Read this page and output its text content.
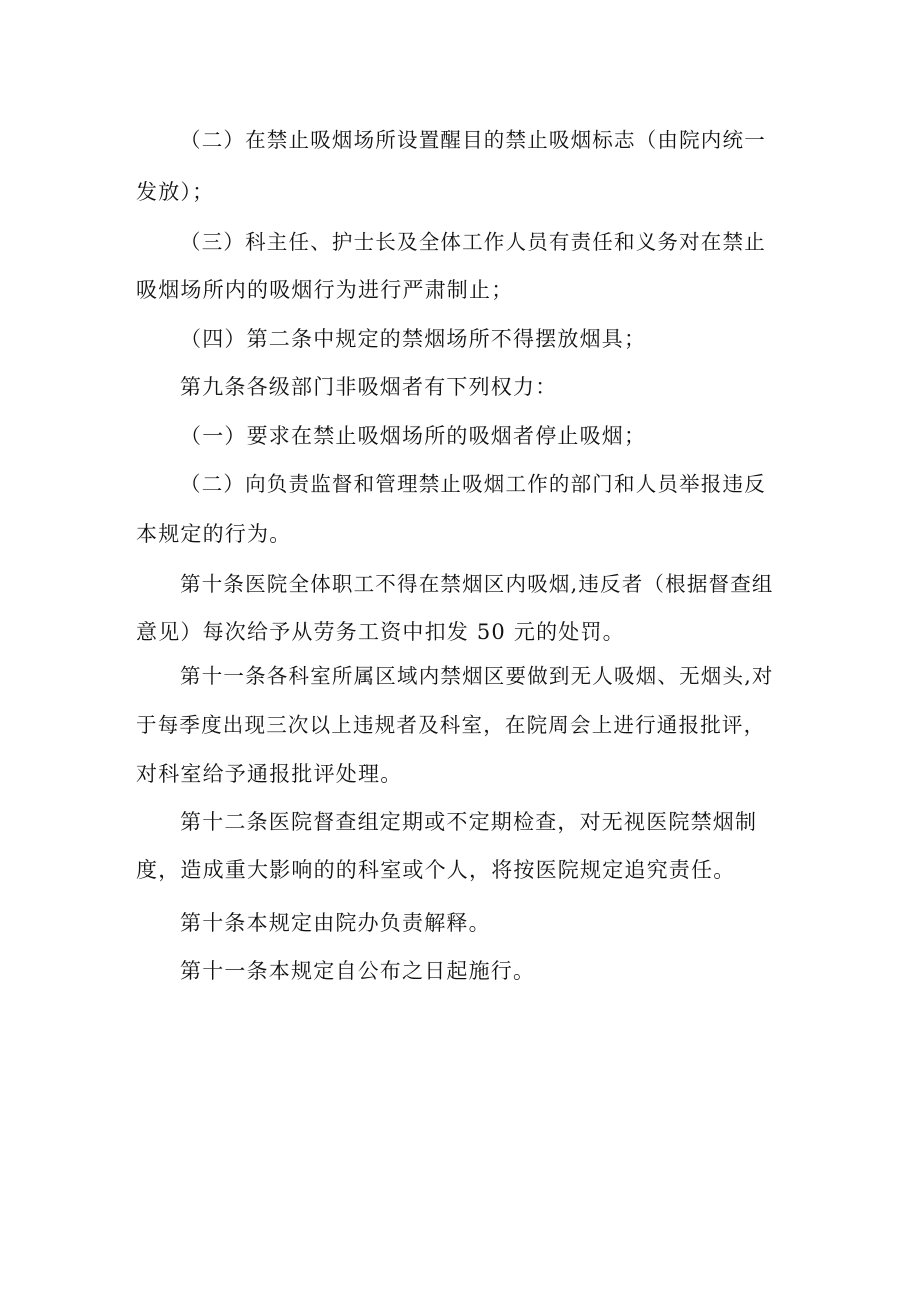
（二）在禁止吸烟场所设置醒目的禁止吸烟标志（由院内统一

发放）；

（三）科主任、护士长及全体工作人员有责任和义务对在禁止

吸烟场所内的吸烟行为进行严肃制止；

（四）第二条中规定的禁烟场所不得摆放烟具；

第九条各级部门非吸烟者有下列权力：

（一）要求在禁止吸烟场所的吸烟者停止吸烟；

（二）向负责监督和管理禁止吸烟工作的部门和人员举报违反

本规定的行为。

第十条医院全体职工不得在禁烟区内吸烟,违反者（根据督查组

意见）每次给予从劳务工资中扣发 50 元的处罚。

第十一条各科室所属区域内禁烟区要做到无人吸烟、无烟头,对

于每季度出现三次以上违规者及科室，在院周会上进行通报批评，

对科室给予通报批评处理。

第十二条医院督查组定期或不定期检查，对无视医院禁烟制

度，造成重大影响的的科室或个人，将按医院规定追究责任。

第十条本规定由院办负责解释。

第十一条本规定自公布之日起施行。
